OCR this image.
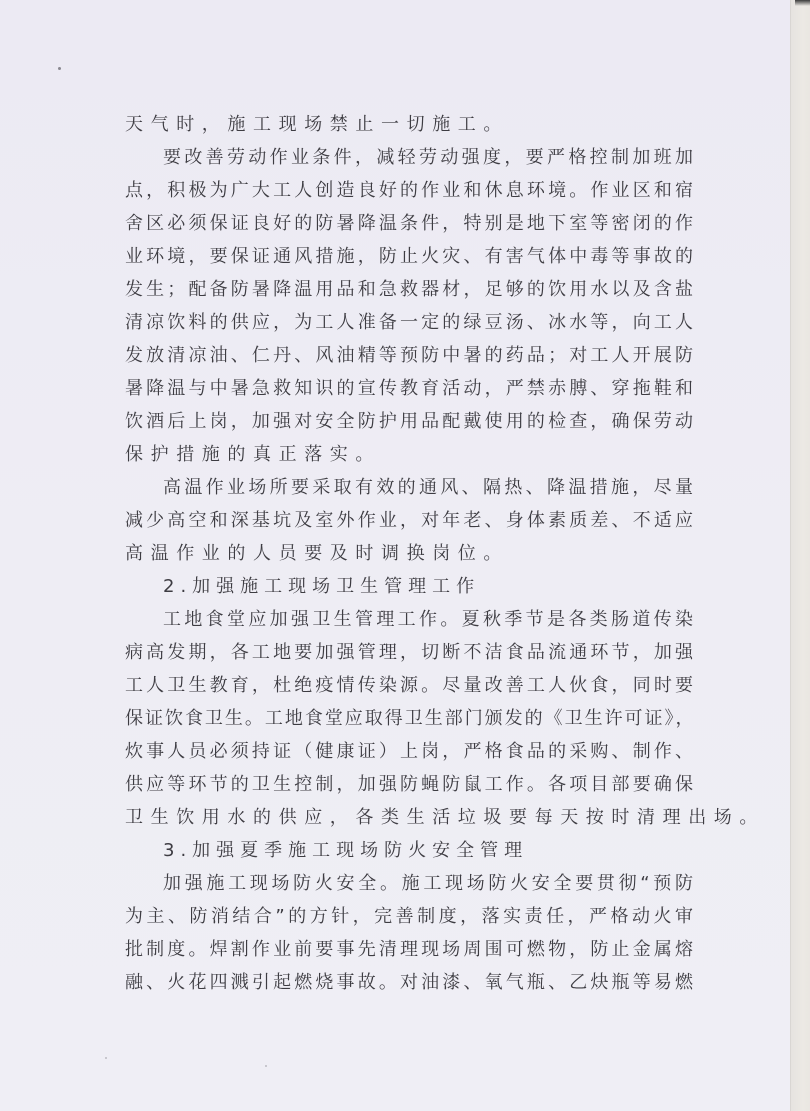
天气时，施工现场禁止一切施工。
要改善劳动作业条件，减轻劳动强度，要严格控制加班加
点，积极为广大工人创造良好的作业和休息环境。作业区和宿
舍区必须保证良好的防暑降温条件，特别是地下室等密闭的作
业环境，要保证通风措施，防止火灾、有害气体中毒等事故的
发生；配备防暑降温用品和急救器材，足够的饮用水以及含盐
清凉饮料的供应，为工人准备一定的绿豆汤、冰水等，向工人
发放清凉油、仁丹、风油精等预防中暑的药品；对工人开展防
暑降温与中暑急救知识的宣传教育活动，严禁赤膊、穿拖鞋和
饮酒后上岗，加强对安全防护用品配戴使用的检查，确保劳动
保护措施的真正落实。
高温作业场所要采取有效的通风、隔热、降温措施，尽量
减少高空和深基坑及室外作业，对年老、身体素质差、不适应
高温作业的人员要及时调换岗位。
2.加强施工现场卫生管理工作
工地食堂应加强卫生管理工作。夏秋季节是各类肠道传染
病高发期，各工地要加强管理，切断不洁食品流通环节，加强
工人卫生教育，杜绝疫情传染源。尽量改善工人伙食，同时要
保证饮食卫生。工地食堂应取得卫生部门颁发的《卫生许可证》，
炊事人员必须持证（健康证）上岗，严格食品的采购、制作、
供应等环节的卫生控制，加强防蝇防鼠工作。各项目部要确保
卫生饮用水的供应，各类生活垃圾要每天按时清理出场。
3.加强夏季施工现场防火安全管理
加强施工现场防火安全。施工现场防火安全要贯彻“预防
为主、防消结合”的方针，完善制度，落实责任，严格动火审
批制度。焊割作业前要事先清理现场周围可燃物，防止金属熔
融、火花四溅引起燃烧事故。对油漆、氧气瓶、乙炔瓶等易燃
